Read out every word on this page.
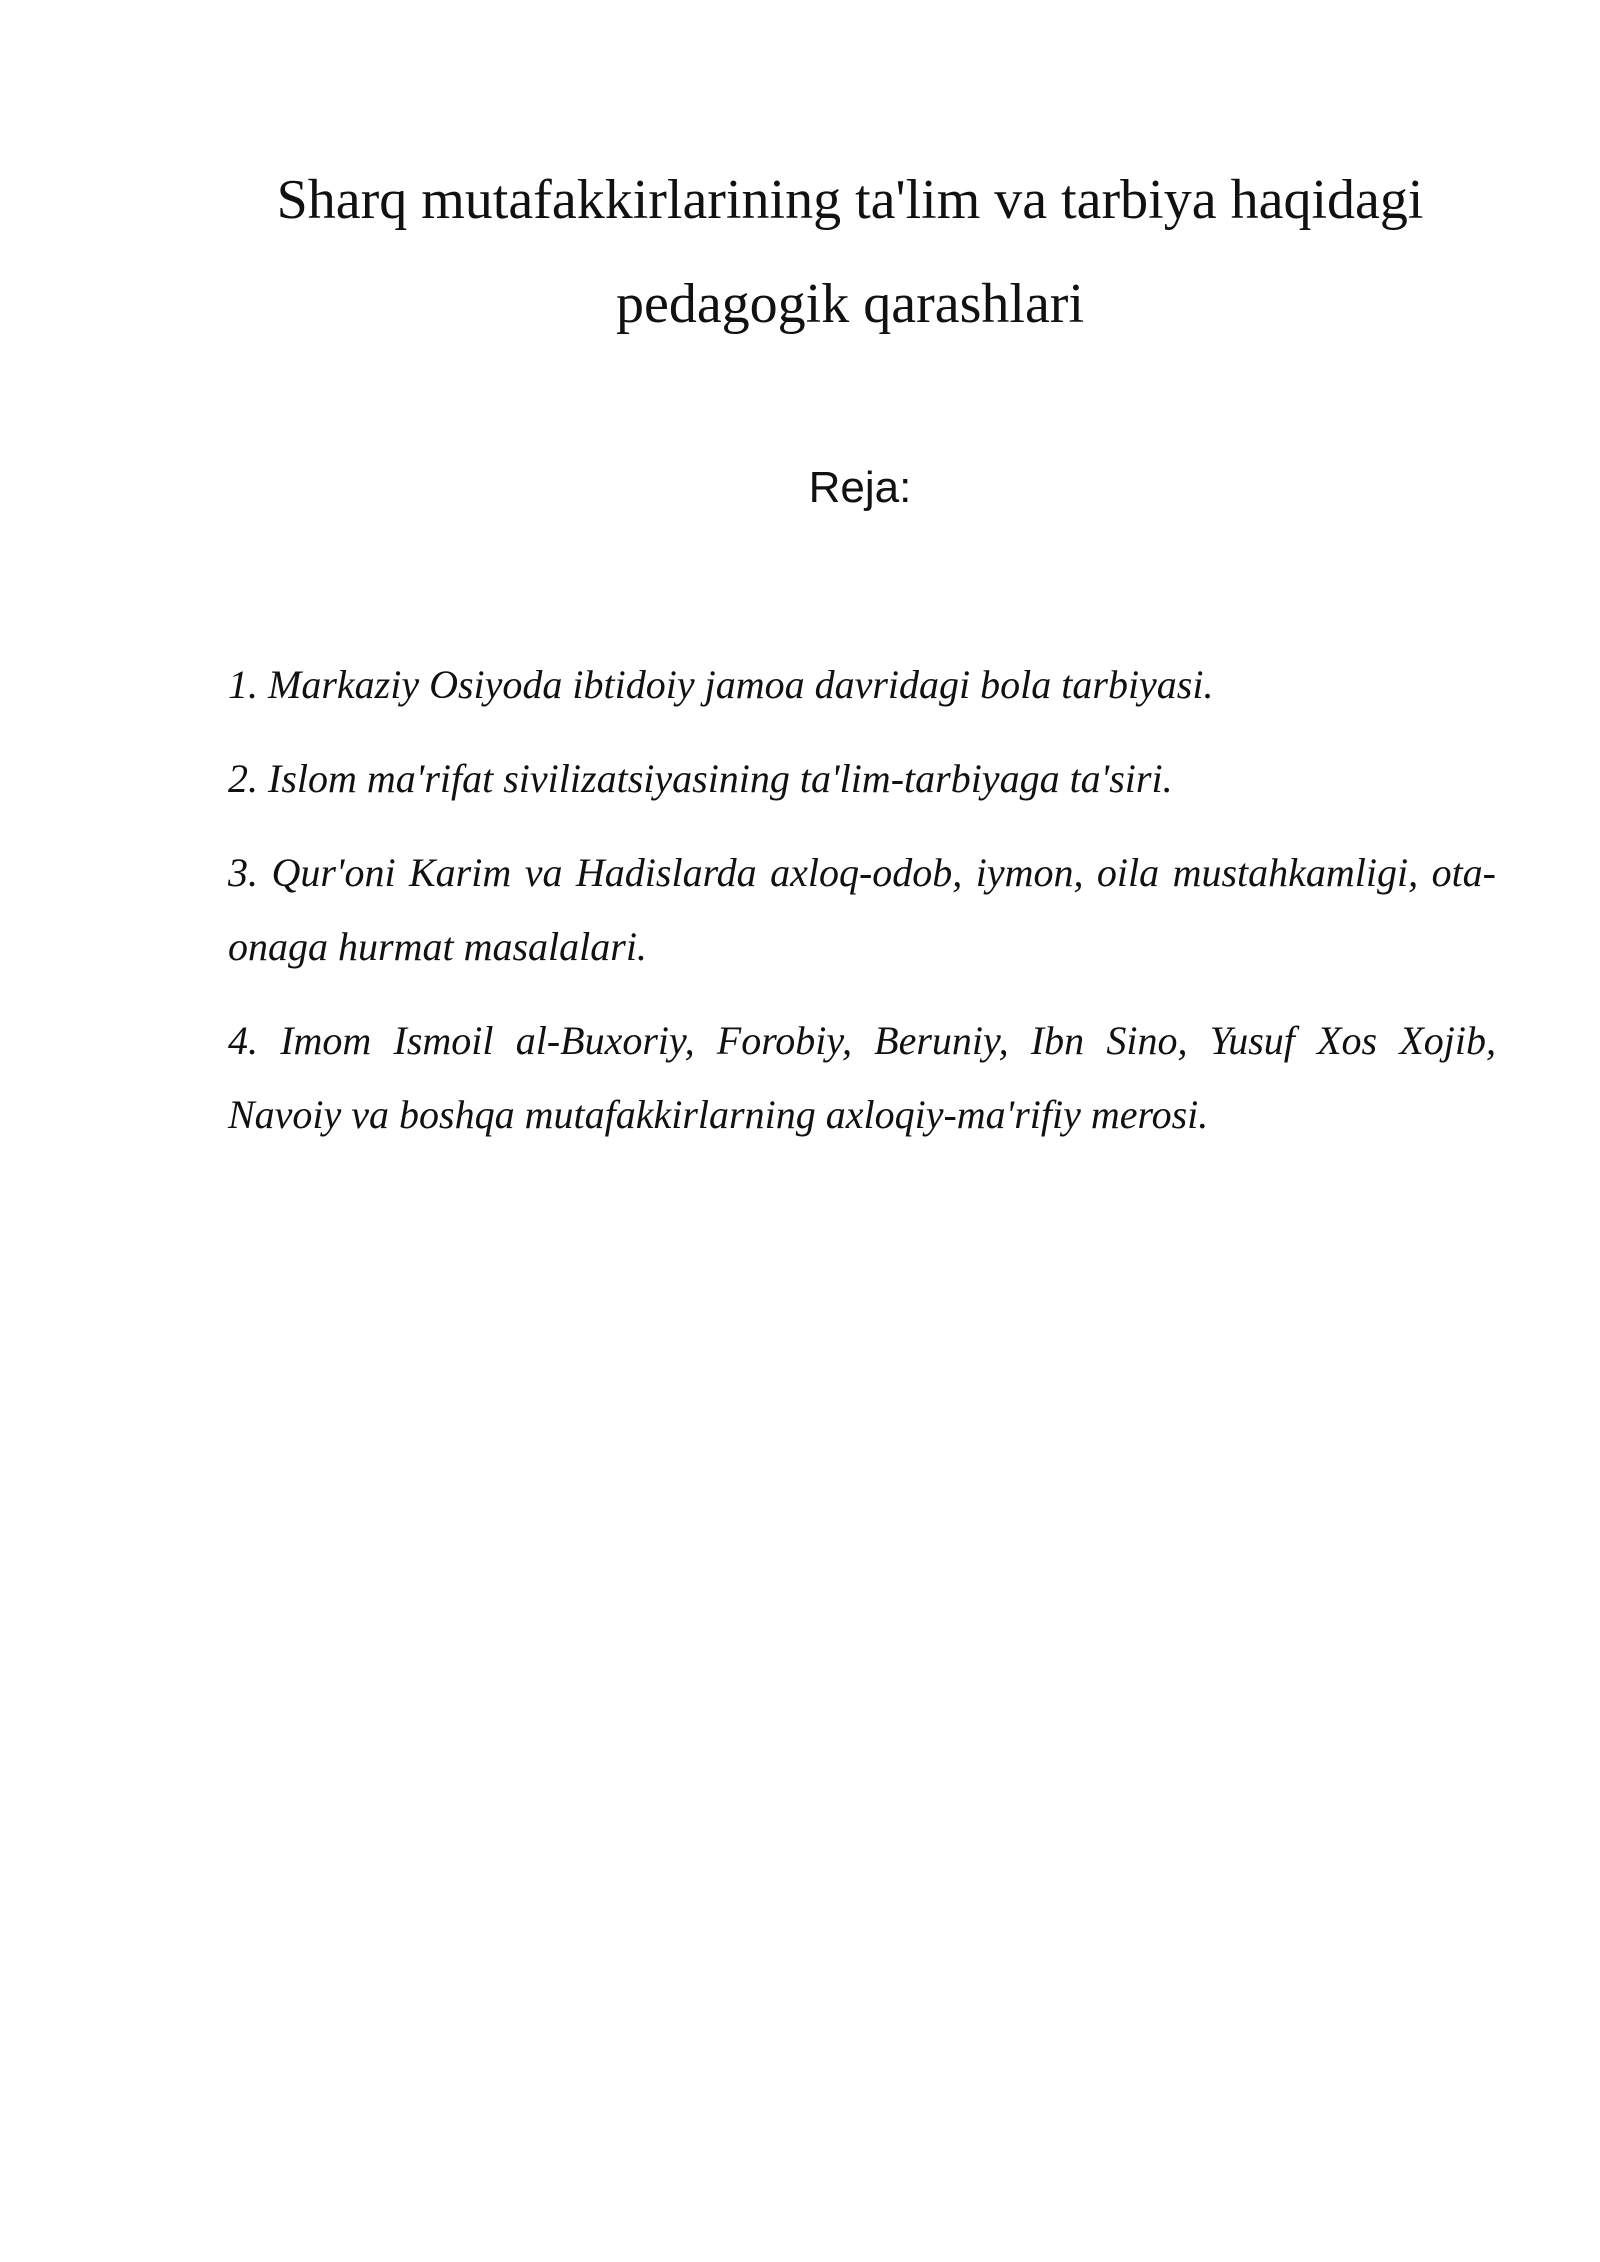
Sharq mutafakkirlarining ta'lim va tarbiya haqidagi
pedagogik qarashlari
Reja:
1. Markaziy Osiyoda ibtidoiy jamoa davridagi bola tarbiyasi.
2. Islom ma'rifat sivilizatsiyasining ta'lim-tarbiyaga ta'siri.
3. Qur'oni Karim va Hadislarda axloq-odob, iymon, oila mustahkamligi, ota-onaga hurmat masalalari.
4. Imom Ismoil al-Buxoriy, Forobiy, Beruniy, Ibn Sino, Yusuf Xos Xojib, Navoiy va boshqa mutafakkirlarning axloqiy-ma'rifiy merosi.
